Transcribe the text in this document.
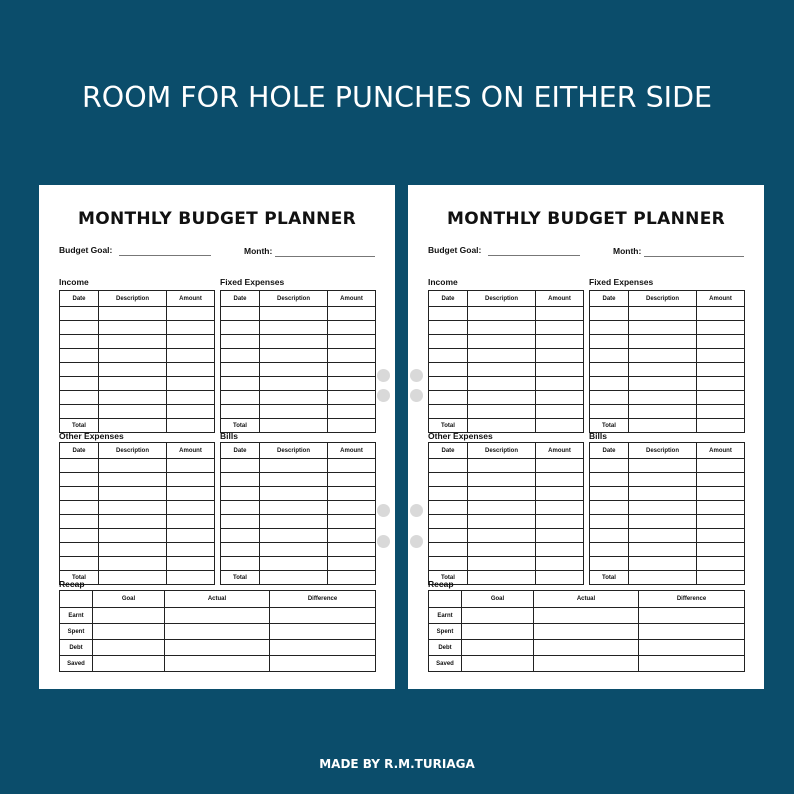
ROOM FOR HOLE PUNCHES ON EITHER SIDE
MONTHLY BUDGET PLANNER
Budget Goal:	Month:
Income
Date	Description	Amount

Total		
Fixed Expenses
Date	Description	Amount

Total		
Other Expenses
Date	Description	Amount

Total		
Bills
Date	Description	Amount

Total		
Recap
	Goal	Actual	Difference
Earnt			
Spent			
Debt			
Saved			
MONTHLY BUDGET PLANNER
Budget Goal:	Month:
Income
Date	Description	Amount

Total		
Fixed Expenses
Date	Description	Amount

Total		
Other Expenses
Date	Description	Amount

Total		
Bills
Date	Description	Amount

Total		
Recap
	Goal	Actual	Difference
Earnt			
Spent			
Debt			
Saved			
MADE BY R.M.TURIAGA
